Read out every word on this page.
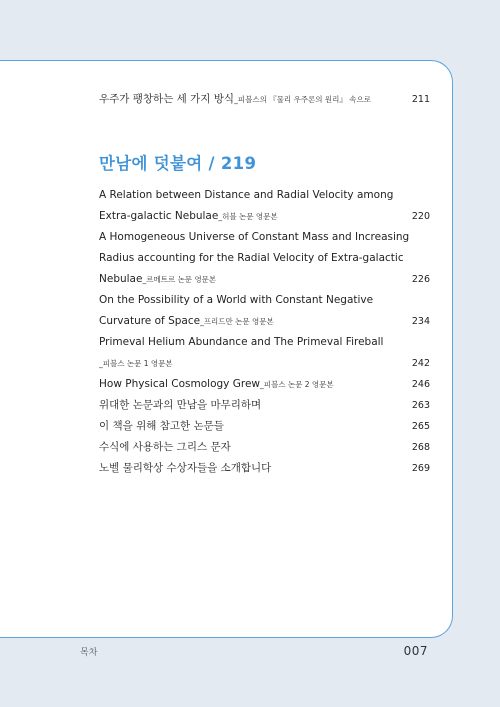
우주가 팽창하는 세 가지 방식_피블스의 『물리 우주론의 원리』 속으로	211
만남에 덧붙여 / 219
A Relation between Distance and Radial Velocity among
Extra-galactic Nebulae_허블 논문 영문본	220
A Homogeneous Universe of Constant Mass and Increasing
Radius accounting for the Radial Velocity of Extra-galactic
Nebulae_르메트르 논문 영문본	226
On the Possibility of a World with Constant Negative
Curvature of Space_프리드만 논문 영문본	234
Primeval Helium Abundance and The Primeval Fireball
_피블스 논문 1 영문본	242
How Physical Cosmology Grew_피블스 논문 2 영문본	246
위대한 논문과의 만남을 마무리하며	263
이 책을 위해 참고한 논문들	265
수식에 사용하는 그리스 문자	268
노벨 물리학상 수상자들을 소개합니다	269
목차	007
